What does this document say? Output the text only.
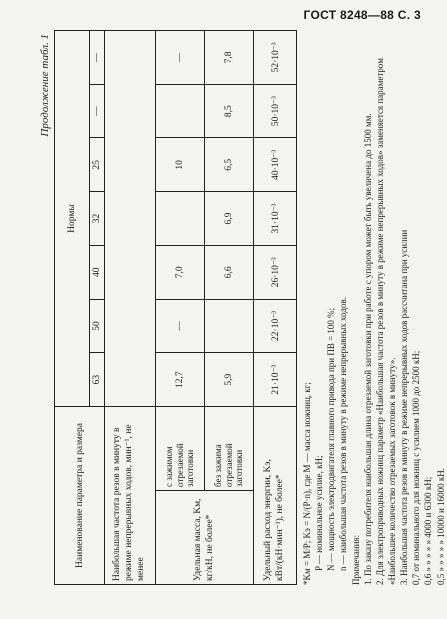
ГОСТ 8248—88 С. 3
Продолжение табл. 1
Наименование параметра и размера		Нормы						
		63	50	40	32	25	—	—
Наибольшая частота резов в минуту в режиме непрерывных ходов, мин⁻¹, не менее								
Удельная масса, Kм, кг/кН, не более*	с зажимом отрезаемой заготовки	12,7	—	7,0		10		—
	без зажима отрезаемой заготовки	5,9		6,6	6,9	6,5	8,5	7,8
Удельный расход энергии, Kэ, кВт/(кН·мин⁻¹), не более*		21·10⁻³	22·10⁻³	26·10⁻³	31·10⁻³	40·10⁻³	50·10⁻³	52·10⁻³

*Kм = M/P; Kэ = N/(P·n), где M — масса ножниц, кг; P — номинальное усилие, кН; N — мощность электродвигателя главного привода при ПВ = 100 %; n — наибольшая частота резов в минуту в режиме непрерывных ходов. Примечания: 1. По заказу потребителя наибольшая длина отрезаемой заготовки при работе с упором может быть увеличена до 1500 мм. 2. Для электроприводных ножниц параметр «Наибольшая частота резов в минуту в режиме непрерывных ходов» заменяется параметром «Наибольшее количество отрезаемых заготовок в минуту». 3. Наибольшая частота резов в минуту в режиме непрерывных ходов рассчитана при усилии 0,7 от номинального для ножниц с усилием 1000 до 2500 кН; 0,6 » » » » » 4000 и 6300 кН; 0,5 » » » » » 10000 и 16000 кН.
